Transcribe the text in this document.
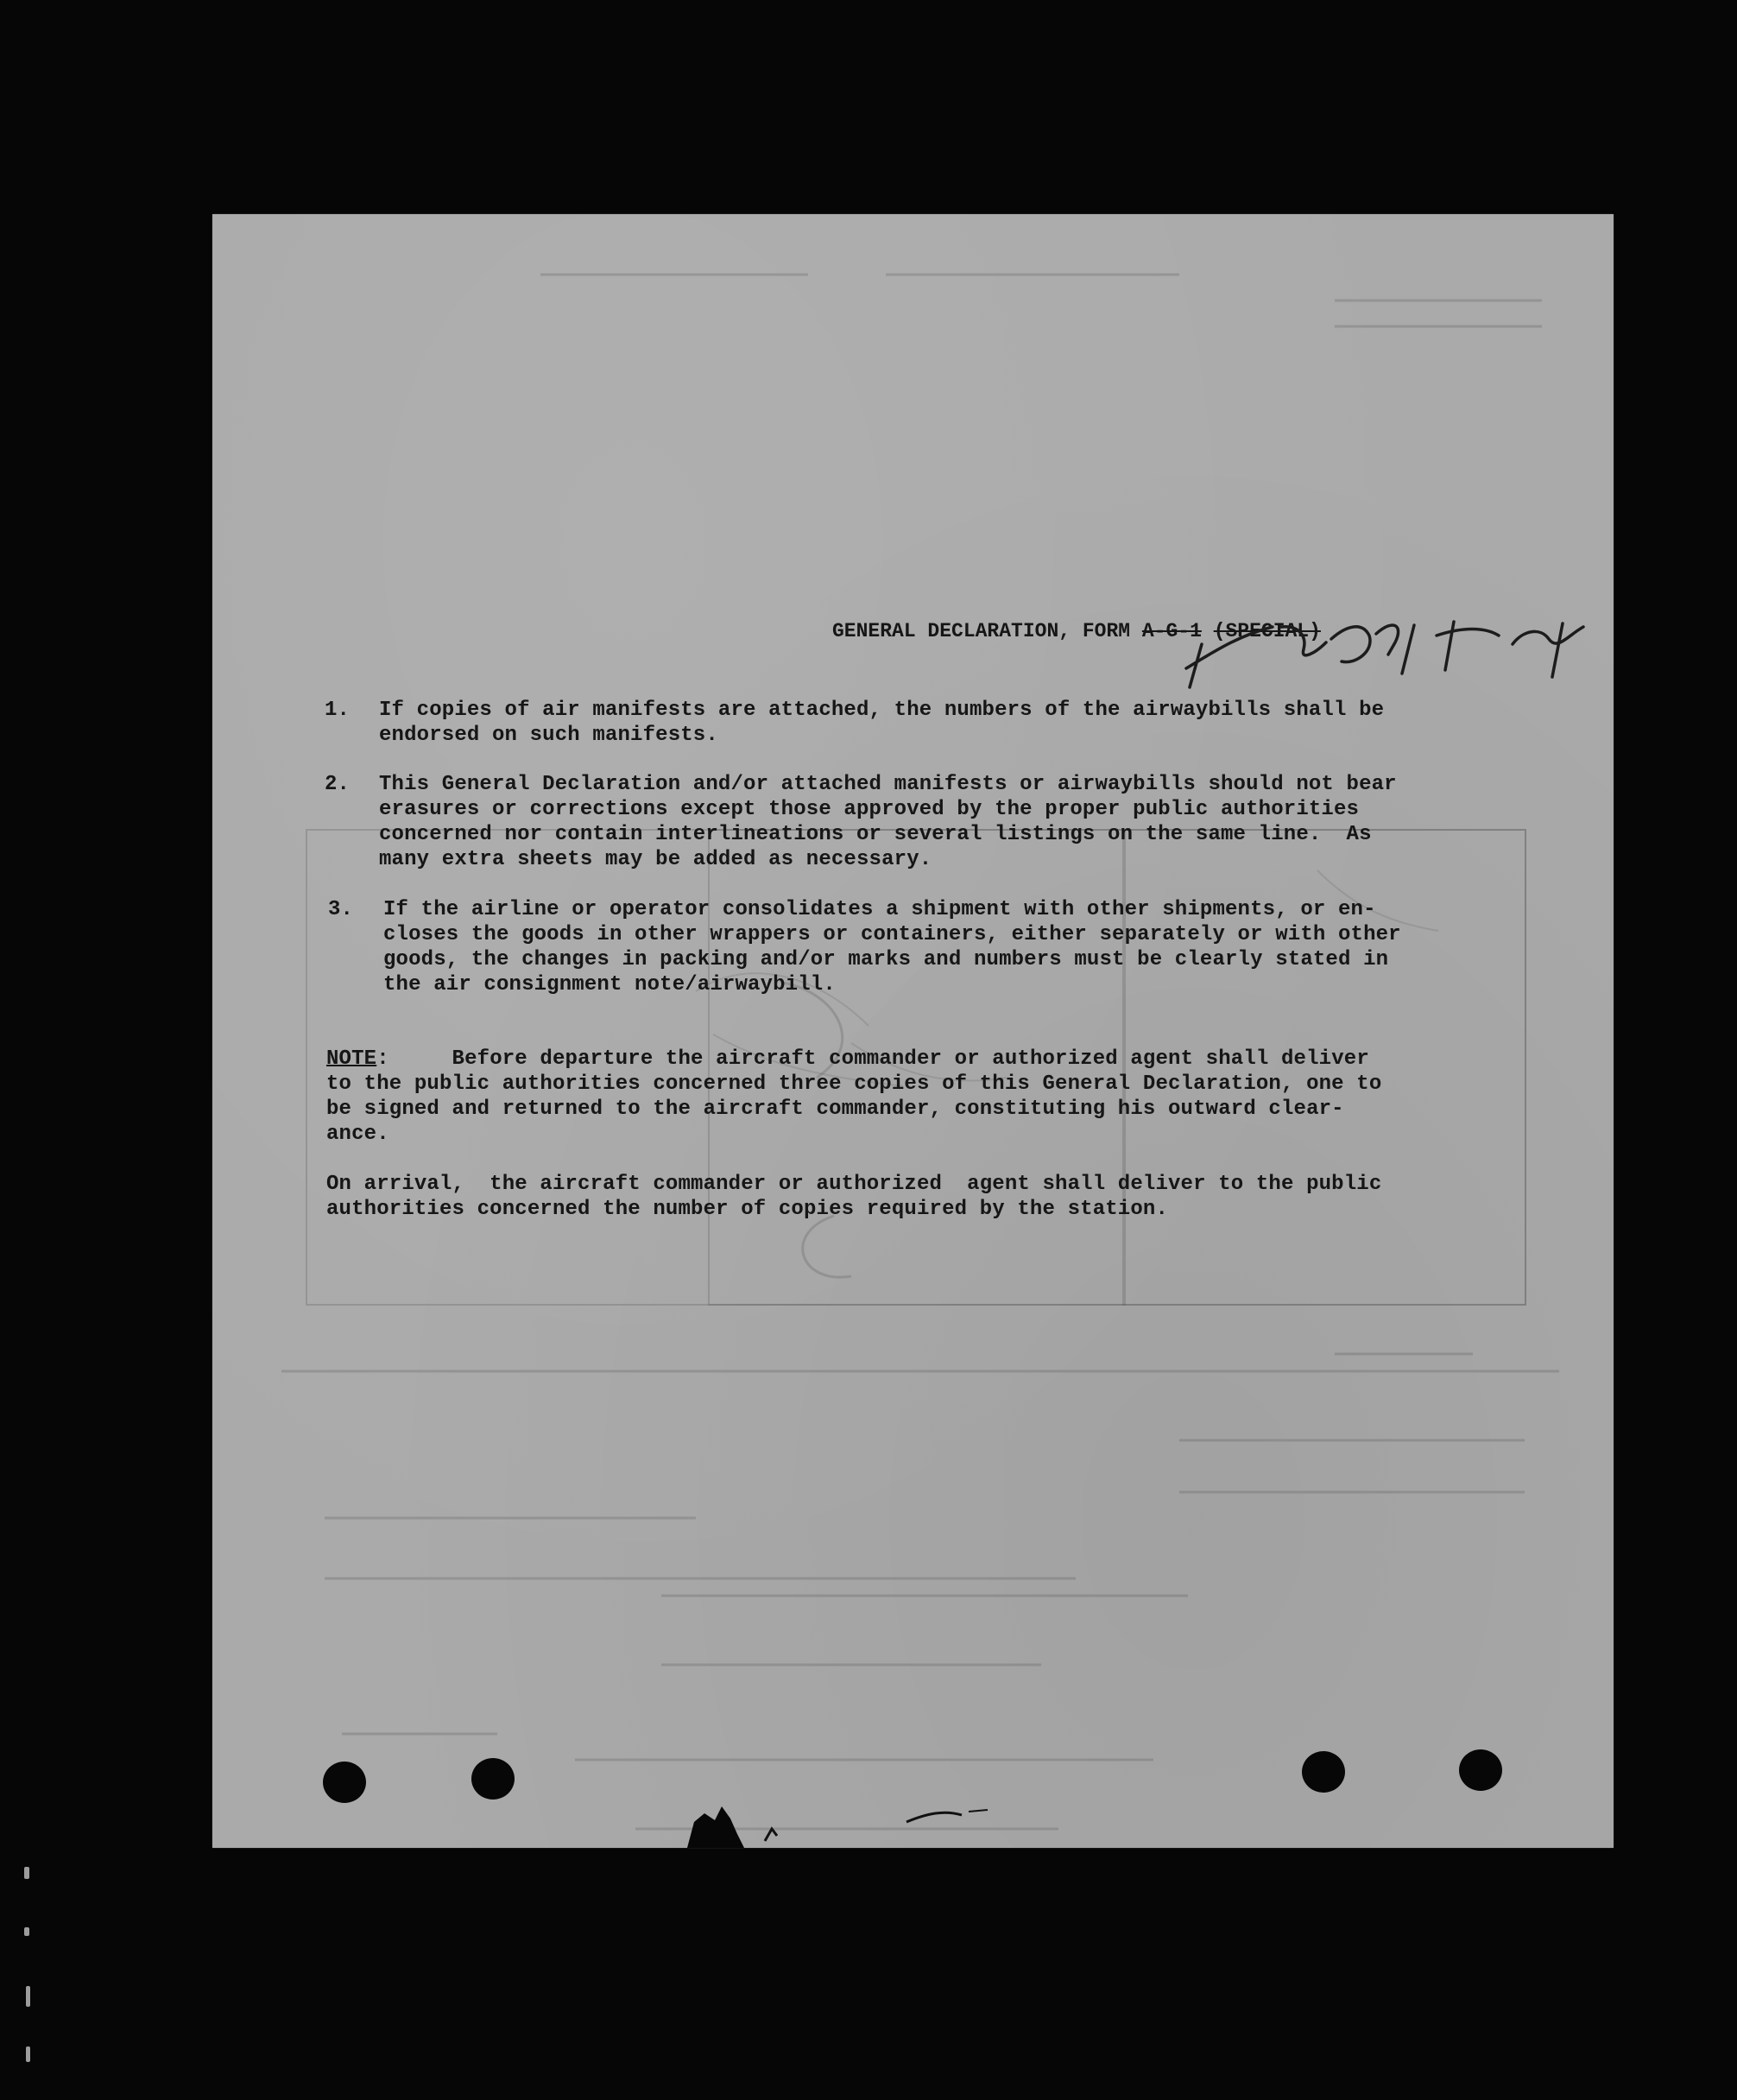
GENERAL DECLARATION, FORM A-G-1 (SPECIAL)
1. If copies of air manifests are attached, the numbers of the airwaybills shall be
endorsed on such manifests.
2. This General Declaration and/or attached manifests or airwaybills should not bear
erasures or corrections except those approved by the proper public authorities
concerned nor contain interlineations or several listings on the same line.  As
many extra sheets may be added as necessary.
3. If the airline or operator consolidates a shipment with other shipments, or en-
closes the goods in other wrappers or containers, either separately or with other
goods, the changes in packing and/or marks and numbers must be clearly stated in
the air consignment note/airwaybill.
NOTE:	Before departure the aircraft commander or authorized agent shall deliver
to the public authorities concerned three copies of this General Declaration, one to
be signed and returned to the aircraft commander, constituting his outward clear-
ance.
On arrival,  the aircraft commander or authorized  agent shall deliver to the public
authorities concerned the number of copies required by the station.
